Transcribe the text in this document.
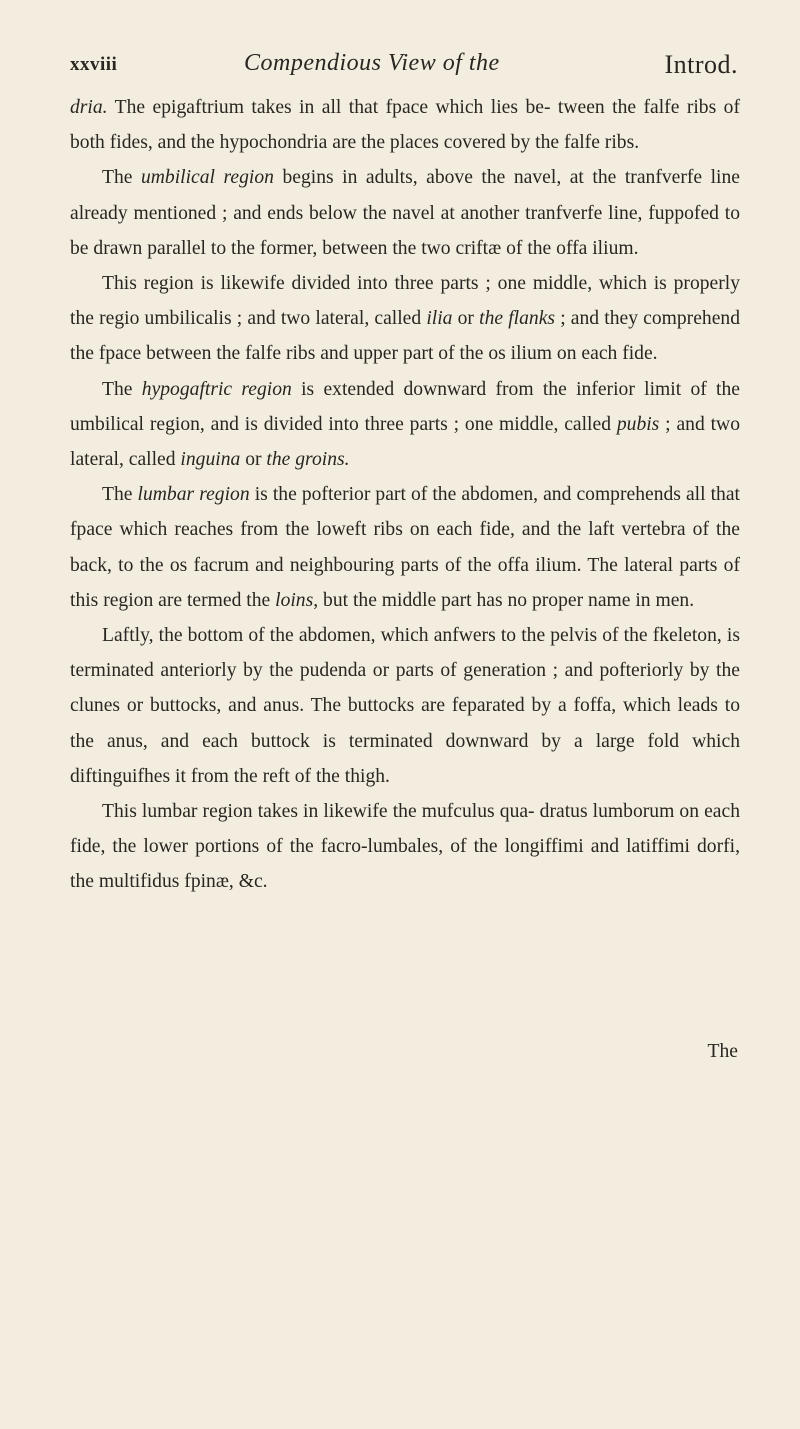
xxviii	Compendious View of the	Introd.

dria. The epigaftrium takes in all that fpace which lies be- tween the falfe ribs of both fides, and the hypochondria are the places covered by the falfe ribs.

The umbilical region begins in adults, above the navel, at the tranfverfe line already mentioned ; and ends below the navel at another tranfverfe line, fuppofed to be drawn parallel to the former, between the two criftæ of the offa ilium.

This region is likewife divided into three parts ; one middle, which is properly the regio umbilicalis ; and two lateral, called ilia or the flanks ; and they comprehend the fpace between the falfe ribs and upper part of the os ilium on each fide.

The hypogaftric region is extended downward from the inferior limit of the umbilical region, and is divided into three parts ; one middle, called pubis ; and two lateral, called inguina or the groins.

The lumbar region is the pofterior part of the abdomen, and comprehends all that fpace which reaches from the loweft ribs on each fide, and the laft vertebra of the back, to the os facrum and neighbouring parts of the offa ilium. The lateral parts of this region are termed the loins, but the middle part has no proper name in men.

Laftly, the bottom of the abdomen, which anfwers to the pelvis of the fkeleton, is terminated anteriorly by the pudenda or parts of generation ; and pofteriorly by the clunes or buttocks, and anus. The buttocks are feparated by a foffa, which leads to the anus, and each buttock is terminated downward by a large fold which diftinguifhes it from the reft of the thigh.

This lumbar region takes in likewife the mufculus qua- dratus lumborum on each fide, the lower portions of the facro-lumbales, of the longiffimi and latiffimi dorfi, the multifidus fpinæ, &c.

The
